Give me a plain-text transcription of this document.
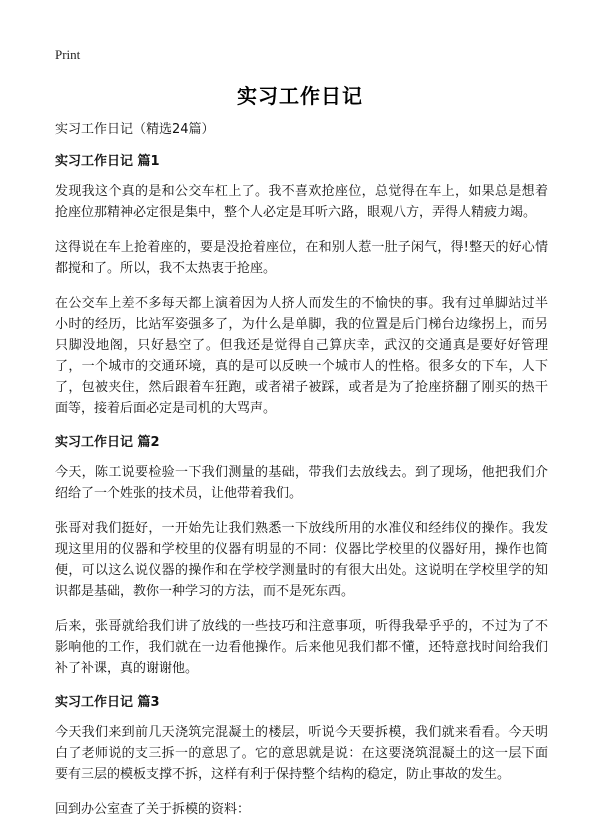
Print
实习工作日记
实习工作日记（精选24篇）
实习工作日记 篇1

发现我这个真的是和公交车杠上了。我不喜欢抢座位，总觉得在车上，如果总是想着抢座位那精神必定很是集中，整个人必定是耳听六路，眼观八方，弄得人精疲力竭。

这得说在车上抢着座的，要是没抢着座位，在和别人惹一肚子闲气，得!整天的好心情都搅和了。所以，我不太热衷于抢座。

在公交车上差不多每天都上演着因为人挤人而发生的不愉快的事。我有过单脚站过半小时的经历，比站军姿强多了，为什么是单脚，我的位置是后门梯台边缘拐上，而另只脚没地阁，只好悬空了。但我还是觉得自己算庆幸，武汉的交通真是要好好管理了，一个城市的交通环境，真的是可以反映一个城市人的性格。很多女的下车，人下了，包被夹住，然后跟着车狂跑，或者裙子被踩，或者是为了抢座挤翻了刚买的热干面等，接着后面必定是司机的大骂声。

实习工作日记 篇2

今天，陈工说要检验一下我们测量的基础，带我们去放线去。到了现场，他把我们介绍给了一个姓张的技术员，让他带着我们。

张哥对我们挺好，一开始先让我们熟悉一下放线所用的水准仪和经纬仪的操作。我发现这里用的仪器和学校里的仪器有明显的不同：仪器比学校里的仪器好用，操作也简便，可以这么说仪器的操作和在学校学测量时的有很大出处。这说明在学校里学的知识都是基础，教你一种学习的方法，而不是死东西。

后来，张哥就给我们讲了放线的一些技巧和注意事项，听得我晕乎乎的，不过为了不影响他的工作，我们就在一边看他操作。后来他见我们都不懂，还特意找时间给我们补了补课，真的谢谢他。

实习工作日记 篇3

今天我们来到前几天浇筑完混凝土的楼层，听说今天要拆模，我们就来看看。今天明白了老师说的支三拆一的意思了。它的意思就是说：在这要浇筑混凝土的这一层下面要有三层的模板支撑不拆，这样有利于保持整个结构的稳定，防止事故的发生。

回到办公室查了关于拆模的资料：
